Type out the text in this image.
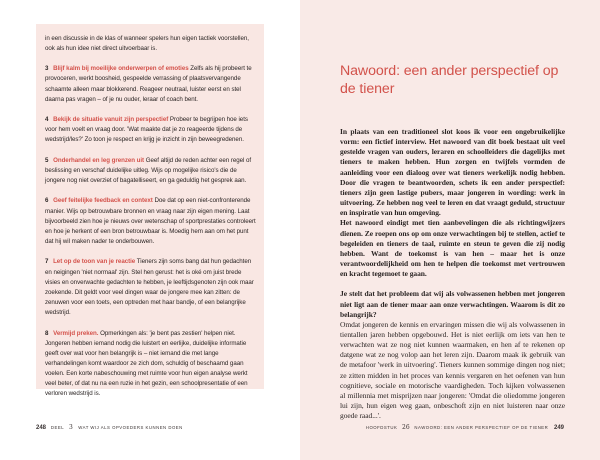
in een discussie in de klas of wanneer spelers hun eigen tactiek voorstellen, ook als hun idee niet direct uitvoerbaar is.

3 Blijf kalm bij moeilijke onderwerpen of emoties Zelfs als hij probeert te provoceren, werkt boosheid, gespeelde verrassing of plaatsvervangende schaamte alleen maar blokkerend. Reageer neutraal, luister eerst en stel daarna pas vragen – of je nu ouder, leraar of coach bent.

4 Bekijk de situatie vanuit zijn perspectief Probeer te begrijpen hoe iets voor hem voelt en vraag door. 'Wat maakte dat je zo reageerde tijdens de wedstrijd/les?' Zo toon je respect en krijg je inzicht in zijn beweegredenen.

5 Onderhandel en leg grenzen uit Geef altijd de reden achter een regel of beslissing en verschaf duidelijke uitleg. Wijs op mogelijke risico's die de jongere nog niet overziet of bagatelliseert, en ga geduldig het gesprek aan.

6 Geef feitelijke feedback en context Doe dat op een niet-confronterende manier. Wijs op betrouwbare bronnen en vraag naar zijn eigen mening. Laat bijvoorbeeld zien hoe je nieuws over wetenschap of sportprestaties controleert en hoe je herkent of een bron betrouwbaar is. Moedig hem aan om het punt dat hij wil maken nader te onderbouwen.

7 Let op de toon van je reactie Tieners zijn soms bang dat hun gedachten en neigingen 'niet normaal' zijn. Stel hen gerust: het is oké om juist brede visies en onverwachte gedachten te hebben, je leeftijdsgenoten zijn ook maar zoekende. Dit geldt voor veel dingen waar de jongere mee kan zitten: de zenuwen voor een toets, een optreden met haar bandje, of een belangrijke wedstrijd.

8 Vermijd preken. Opmerkingen als: 'je bent pas zestien' helpen niet. Jongeren hebben iemand nodig die luistert en eerlijke, duidelijke informatie geeft over wat voor hen belangrijk is – niet iemand die met lange verhandelingen komt waardoor ze zich dom, schuldig of beschaamd gaan voelen. Een korte nabeschouwing met ruimte voor hun eigen analyse werkt veel beter, of dat nu na een ruzie in het gezin, een schoolpresentatie of een verloren wedstrijd is.

248 DEEL 3 WAT WIJ ALS OPVOEDERS KUNNEN DOEN
Nawoord: een ander perspectief op de tiener

In plaats van een traditioneel slot koos ik voor een ongebruikelijke vorm: een fictief interview. Het nawoord van dit boek bestaat uit veel gestelde vragen van ouders, leraren en schoolleiders die dagelijks met tieners te maken hebben. Hun zorgen en twijfels vormden de aanleiding voor een dialoog over wat tieners werkelijk nodig hebben. Door die vragen te beantwoorden, schets ik een ander perspectief: tieners zijn geen lastige pubers, maar jongeren in wording: werk in uitvoering. Ze hebben nog veel te leren en dat vraagt geduld, structuur en inspiratie van hun omgeving.

Het nawoord eindigt met tien aanbevelingen die als richtingwijzers dienen. Ze roepen ons op om onze verwachtingen bij te stellen, actief te begeleiden en tieners de taal, ruimte en steun te geven die zij nodig hebben. Want de toekomst is van hen – maar het is onze verantwoordelijkheid om hen te helpen die toekomst met vertrouwen en kracht tegemoet te gaan.

Je stelt dat het probleem dat wij als volwassenen hebben met jongeren niet ligt aan de tiener maar aan onze verwachtingen. Waarom is dit zo belangrijk?

Omdat jongeren de kennis en ervaringen missen die wij als volwassenen in tientallen jaren hebben opgebouwd. Het is niet eerlijk om iets van hen te verwachten wat ze nog niet kunnen waarmaken, en hen af te rekenen op datgene wat ze nog volop aan het leren zijn. Daarom maak ik gebruik van de metafoor 'werk in uitvoering'. Tieners kunnen sommige dingen nog niet; ze zitten midden in het proces van kennis vergaren en het oefenen van hun cognitieve, sociale en motorische vaardigheden. Toch kijken volwassenen al millennia met misprijzen naar jongeren: 'Omdat die oliedomme jongeren lui zijn, hun eigen weg gaan, onbeschoft zijn en niet luisteren naar onze goede raad...'.

HOOFDSTUK 26 NAWOORD: EEN ANDER PERSPECTIEF OP DE TIENER 249
